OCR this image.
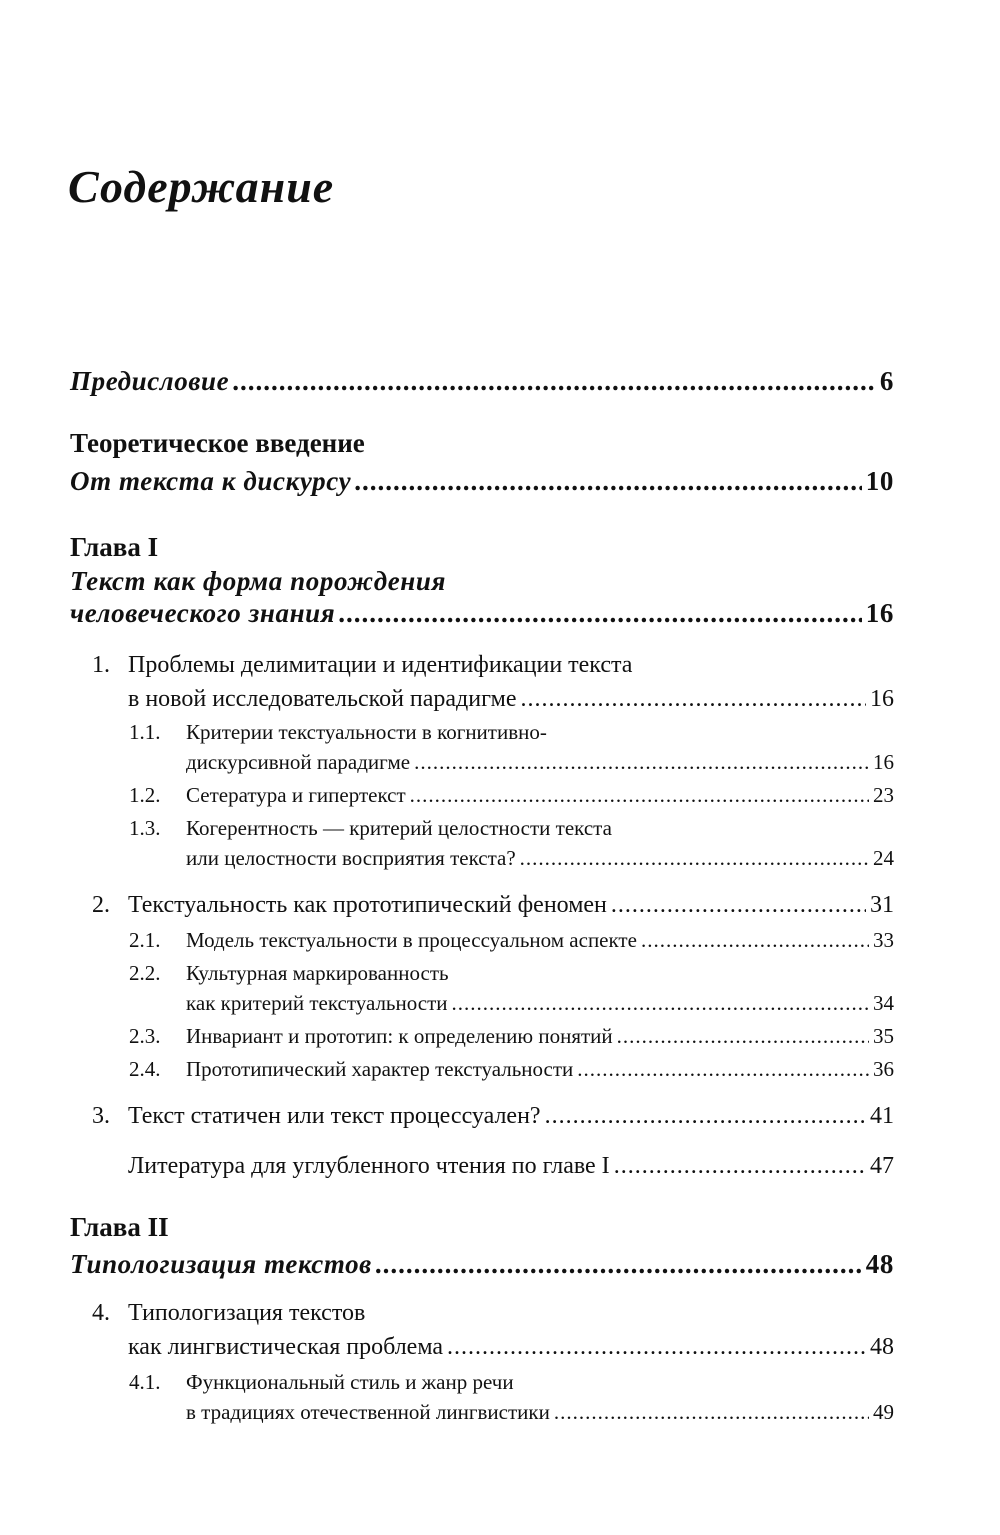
Содержание
Предисловие .....	6
Теоретическое введение
От текста к дискурсу .....	10
Глава I
Текст как форма порождения
человеческого знания .....	16
1. Проблемы делимитации и идентификации текста
в новой исследовательской парадигме .....	16
1.1. Критерии текстуальности в когнитивно-
дискурсивной парадигме .....	16
1.2. Сетература и гипертекст .....	23
1.3. Когерентность — критерий целостности текста
или целостности восприятия текста? .....	24
2. Текстуальность как прототипический феномен .....	31
2.1. Модель текстуальности в процессуальном аспекте .....	33
2.2. Культурная маркированность
как критерий текстуальности .....	34
2.3. Инвариант и прототип: к определению понятий .....	35
2.4. Прототипический характер текстуальности .....	36
3. Текст статичен или текст процессуален? .....	41
Литература для углубленного чтения по главе I .....	47
Глава II
Типологизация текстов .....	48
4. Типологизация текстов
как лингвистическая проблема .....	48
4.1. Функциональный стиль и жанр речи
в традициях отечественной лингвистики .....	49
